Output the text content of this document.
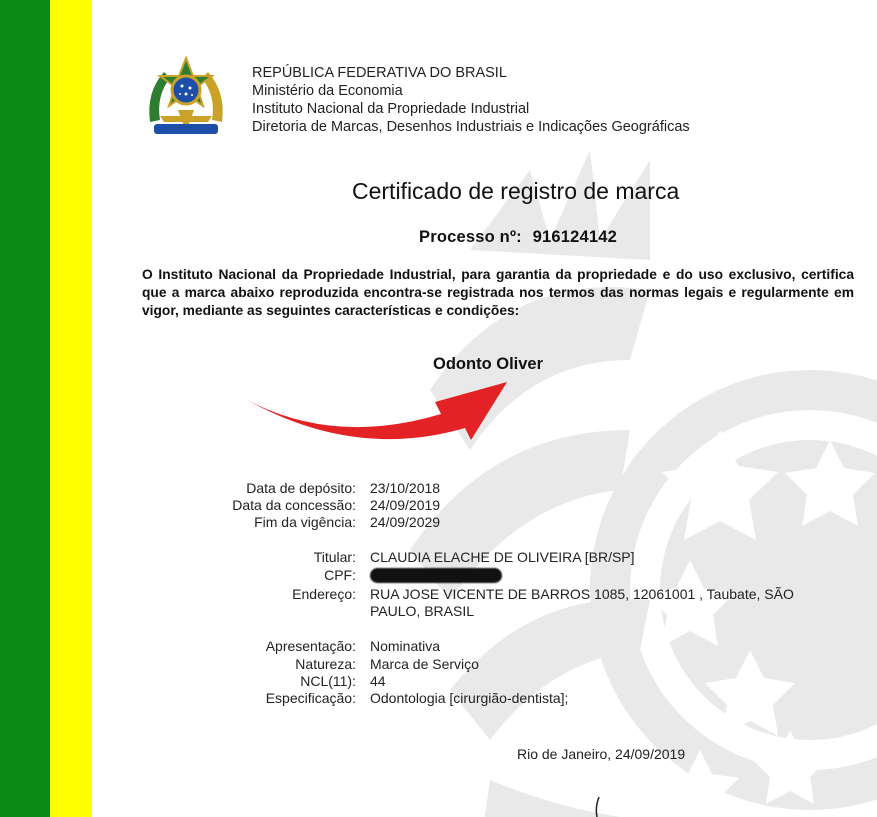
REPÚBLICA FEDERATIVA DO BRASIL
Ministério da Economia
Instituto Nacional da Propriedade Industrial
Diretoria de Marcas, Desenhos Industriais e Indicações Geográficas
Certificado de registro de marca
Processo nº: 916124142
O Instituto Nacional da Propriedade Industrial, para garantia da propriedade e do uso exclusivo, certifica que a marca abaixo reproduzida encontra-se registrada nos termos das normas legais e regularmente em vigor, mediante as seguintes características e condições:
Odonto Oliver
Data de depósito: 23/10/2018
Data da concessão: 24/09/2019
Fim da vigência: 24/09/2029
Titular: CLAUDIA ELACHE DE OLIVEIRA [BR/SP]
CPF:

Endereço: RUA JOSE VICENTE DE BARROS 1085, 12061001 , Taubate, SÃO PAULO, BRASIL
Apresentação: Nominativa
Natureza: Marca de Serviço
NCL(11): 44
Especificação: Odontologia [cirurgião-dentista];
Rio de Janeiro, 24/09/2019
